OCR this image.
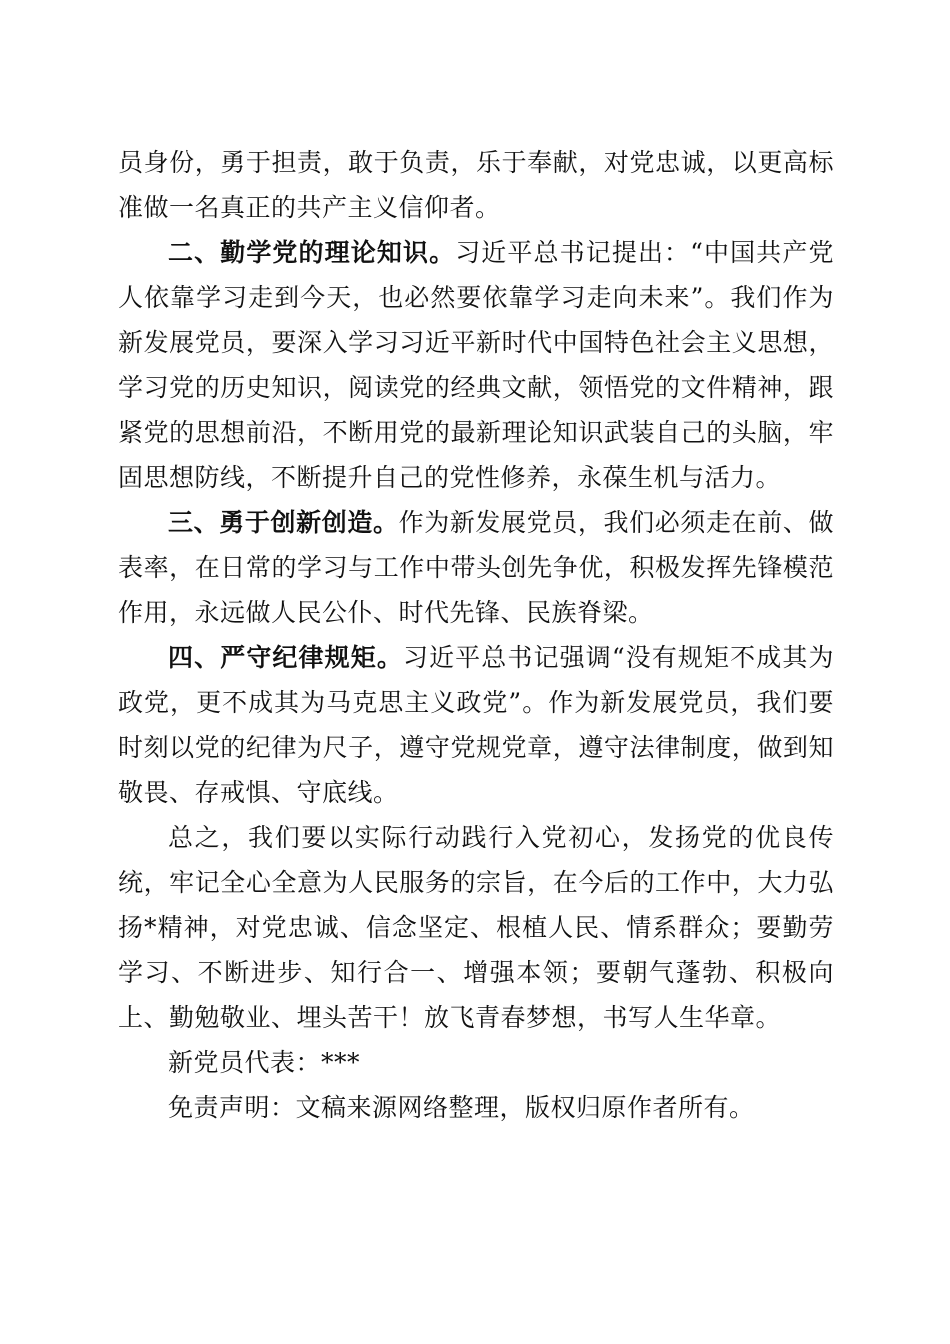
员身份，勇于担责，敢于负责，乐于奉献，对党忠诚，以更高标准做一名真正的共产主义信仰者。

二、勤学党的理论知识。习近平总书记提出：“中国共产党人依靠学习走到今天，也必然要依靠学习走向未来”。我们作为新发展党员，要深入学习习近平新时代中国特色社会主义思想，学习党的历史知识，阅读党的经典文献，领悟党的文件精神，跟紧党的思想前沿，不断用党的最新理论知识武装自己的头脑，牢固思想防线，不断提升自己的党性修养，永葆生机与活力。

三、勇于创新创造。作为新发展党员，我们必须走在前、做表率，在日常的学习与工作中带头创先争优，积极发挥先锋模范作用，永远做人民公仆、时代先锋、民族脊梁。

四、严守纪律规矩。习近平总书记强调“没有规矩不成其为政党，更不成其为马克思主义政党”。作为新发展党员，我们要时刻以党的纪律为尺子，遵守党规党章，遵守法律制度，做到知敬畏、存戒惧、守底线。

总之，我们要以实际行动践行入党初心，发扬党的优良传统，牢记全心全意为人民服务的宗旨，在今后的工作中，大力弘扬*精神，对党忠诚、信念坚定、根植人民、情系群众；要勤劳学习、不断进步、知行合一、增强本领；要朝气蓬勃、积极向上、勤勉敬业、埋头苦干！放飞青春梦想，书写人生华章。

新党员代表：***

免责声明：文稿来源网络整理，版权归原作者所有。
